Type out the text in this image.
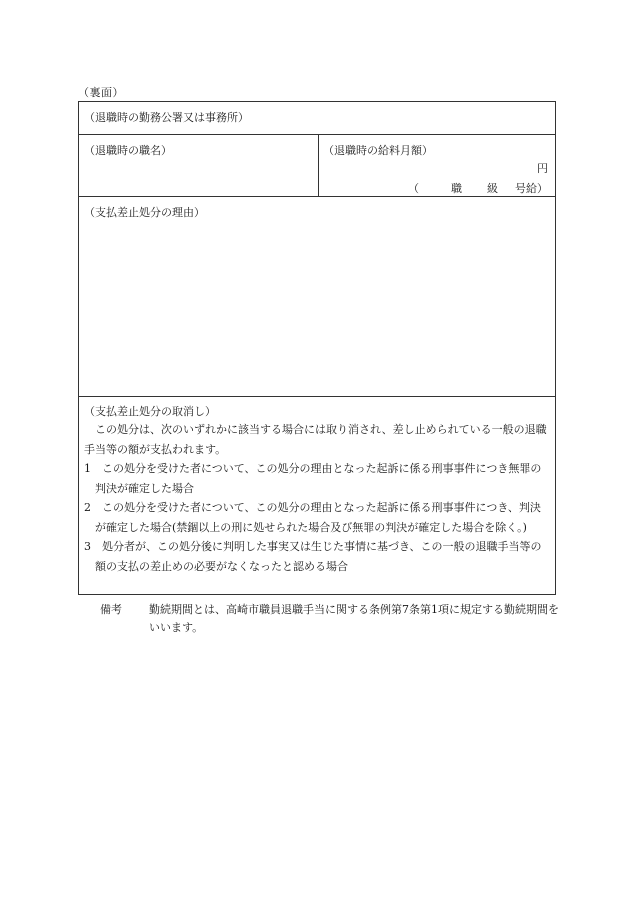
（裏面）
（退職時の勤務公署又は事務所）
（退職時の職名）	（退職時の給料月額）
円
（	職 級 号給）
（支払差止処分の理由）
（支払差止処分の取消し）

この処分は、次のいずれかに該当する場合には取り消され、差し止められている一般の退職手当等の額が支払われます。

1　この処分を受けた者について、この処分の理由となった起訴に係る刑事事件につき無罪の判決が確定した場合

2　この処分を受けた者について、この処分の理由となった起訴に係る刑事事件につき、判決が確定した場合(禁錮以上の刑に処せられた場合及び無罪の判決が確定した場合を除く。)

3　処分者が、この処分後に判明した事実又は生じた事情に基づき、この一般の退職手当等の額の支払の差止めの必要がなくなったと認める場合

備考 勤続期間とは、高崎市職員退職手当に関する条例第7条第1項に規定する勤続期間をいいます。
